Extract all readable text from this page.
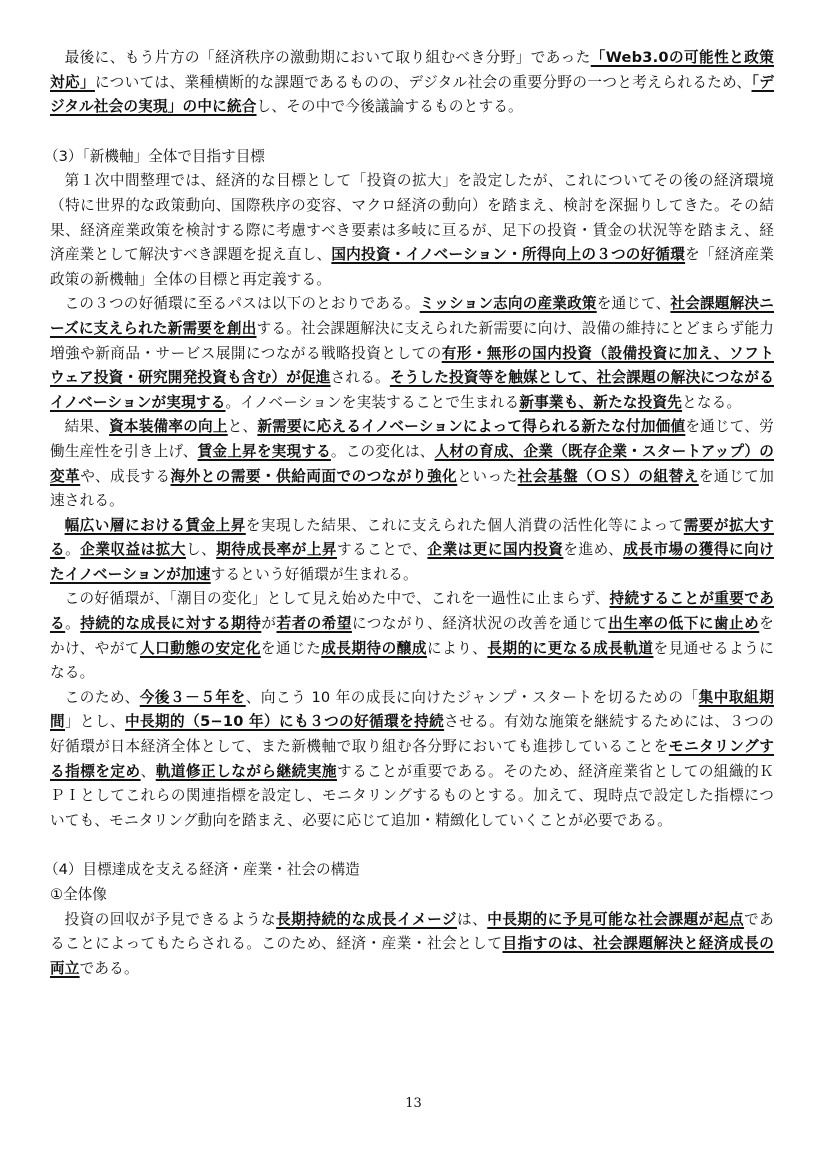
最後に、もう片方の「経済秩序の激動期において取り組むべき分野」であった「Web3.0の可能性と政策対応」については、業種横断的な課題であるものの、デジタル社会の重要分野の一つと考えられるため、「デジタル社会の実現」の中に統合し、その中で今後議論するものとする。

（3）「新機軸」全体で目指す目標

第１次中間整理では、経済的な目標として「投資の拡大」を設定したが、これについてその後の経済環境（特に世界的な政策動向、国際秩序の変容、マクロ経済の動向）を踏まえ、検討を深掘りしてきた。その結果、経済産業政策を検討する際に考慮すべき要素は多岐に亘るが、足下の投資・賃金の状況等を踏まえ、経済産業として解決すべき課題を捉え直し、国内投資・イノベーション・所得向上の３つの好循環を「経済産業政策の新機軸」全体の目標と再定義する。

この３つの好循環に至るパスは以下のとおりである。ミッション志向の産業政策を通じて、社会課題解決ニーズに支えられた新需要を創出する。社会課題解決に支えられた新需要に向け、設備の維持にとどまらず能力増強や新商品・サービス展開につながる戦略投資としての有形・無形の国内投資（設備投資に加え、ソフトウェア投資・研究開発投資も含む）が促進される。そうした投資等を触媒として、社会課題の解決につながるイノベーションが実現する。イノベーションを実装することで生まれる新事業も、新たな投資先となる。

結果、資本装備率の向上と、新需要に応えるイノベーションによって得られる新たな付加価値を通じて、労働生産性を引き上げ、賃金上昇を実現する。この変化は、人材の育成、企業（既存企業・スタートアップ）の変革や、成長する海外との需要・供給両面でのつながり強化といった社会基盤（ＯＳ）の組替えを通じて加速される。

幅広い層における賃金上昇を実現した結果、これに支えられた個人消費の活性化等によって需要が拡大する。企業収益は拡大し、期待成長率が上昇することで、企業は更に国内投資を進め、成長市場の獲得に向けたイノベーションが加速するという好循環が生まれる。

この好循環が、「潮目の変化」として見え始めた中で、これを一過性に止まらず、持続することが重要である。持続的な成長に対する期待が若者の希望につながり、経済状況の改善を通じて出生率の低下に歯止めをかけ、やがて人口動態の安定化を通じた成長期待の醸成により、長期的に更なる成長軌道を見通せるようになる。

このため、今後３－５年を、向こう 10 年の成長に向けたジャンプ・スタートを切るための「集中取組期間」とし、中長期的（5−10 年）にも３つの好循環を持続させる。有効な施策を継続するためには、３つの好循環が日本経済全体として、また新機軸で取り組む各分野においても進捗していることをモニタリングする指標を定め、軌道修正しながら継続実施することが重要である。そのため、経済産業省としての組織的ＫＰＩとしてこれらの関連指標を設定し、モニタリングするものとする。加えて、現時点で設定した指標についても、モニタリング動向を踏まえ、必要に応じて追加・精緻化していくことが必要である。

（4）目標達成を支える経済・産業・社会の構造

①全体像

投資の回収が予見できるような長期持続的な成長イメージは、中長期的に予見可能な社会課題が起点であることによってもたらされる。このため、経済・産業・社会として目指すのは、社会課題解決と経済成長の両立である。

13
